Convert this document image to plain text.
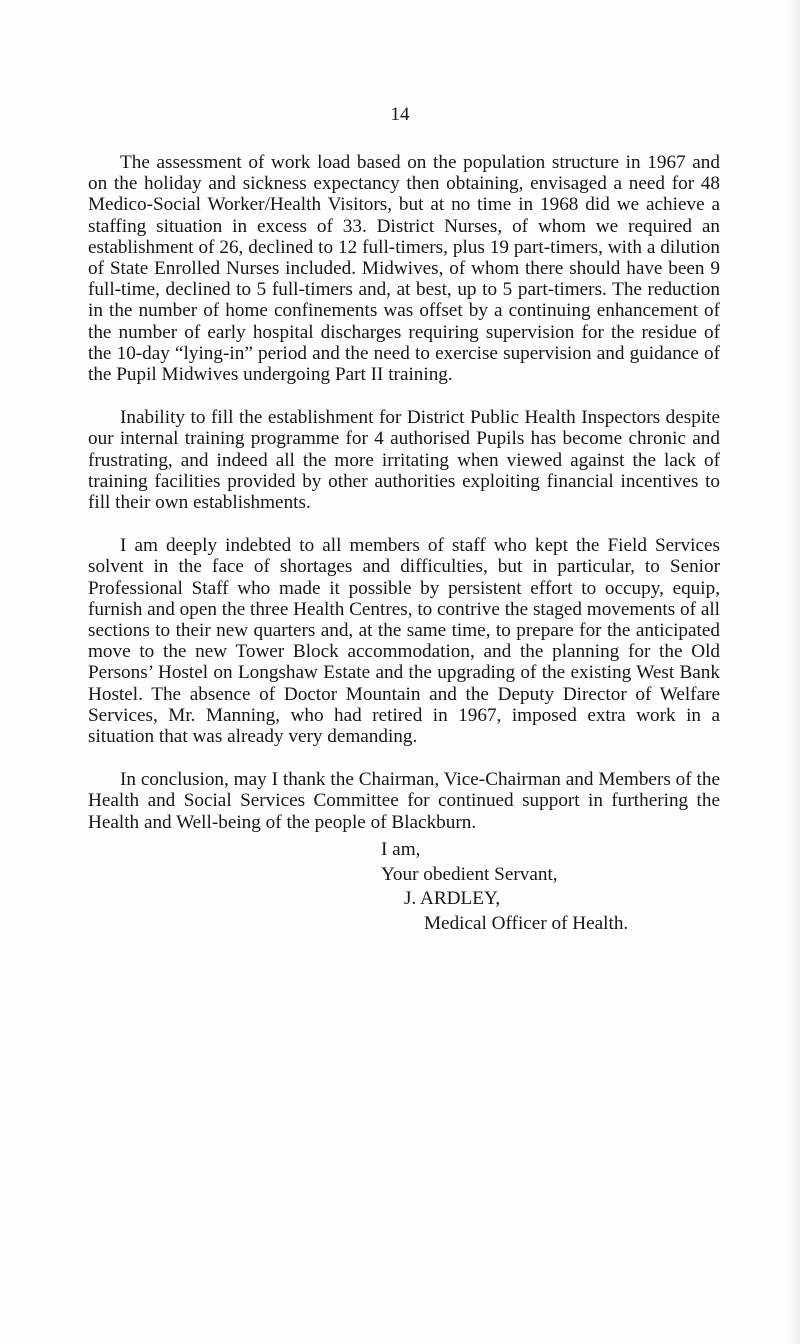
14

The assessment of work load based on the population structure in 1967 and on the holiday and sickness expectancy then obtaining, envisaged a need for 48 Medico-Social Worker/Health Visitors, but at no time in 1968 did we achieve a staffing situation in excess of 33. District Nurses, of whom we required an establishment of 26, declined to 12 full-timers, plus 19 part-timers, with a dilution of State Enrolled Nurses included. Midwives, of whom there should have been 9 full-time, declined to 5 full-timers and, at best, up to 5 part-timers. The reduction in the number of home confinements was offset by a continuing enhancement of the number of early hospital discharges requiring supervision for the residue of the 10-day “lying-in” period and the need to exercise supervision and guidance of the Pupil Midwives undergoing Part II training.

Inability to fill the establishment for District Public Health Inspectors despite our internal training programme for 4 authorised Pupils has become chronic and frustrating, and indeed all the more irritating when viewed against the lack of training facilities provided by other authorities exploiting financial incentives to fill their own establishments.

I am deeply indebted to all members of staff who kept the Field Services solvent in the face of shortages and difficulties, but in particular, to Senior Professional Staff who made it possible by persistent effort to occupy, equip, furnish and open the three Health Centres, to contrive the staged movements of all sections to their new quarters and, at the same time, to prepare for the anticipated move to the new Tower Block accommodation, and the planning for the Old Persons’ Hostel on Longshaw Estate and the upgrading of the existing West Bank Hostel. The absence of Doctor Mountain and the Deputy Director of Welfare Services, Mr. Manning, who had retired in 1967, imposed extra work in a situation that was already very demanding.

In conclusion, may I thank the Chairman, Vice-Chairman and Members of the Health and Social Services Committee for continued support in furthering the Health and Well-being of the people of Blackburn.

I am,
Your obedient Servant,
J. ARDLEY,
Medical Officer of Health.
